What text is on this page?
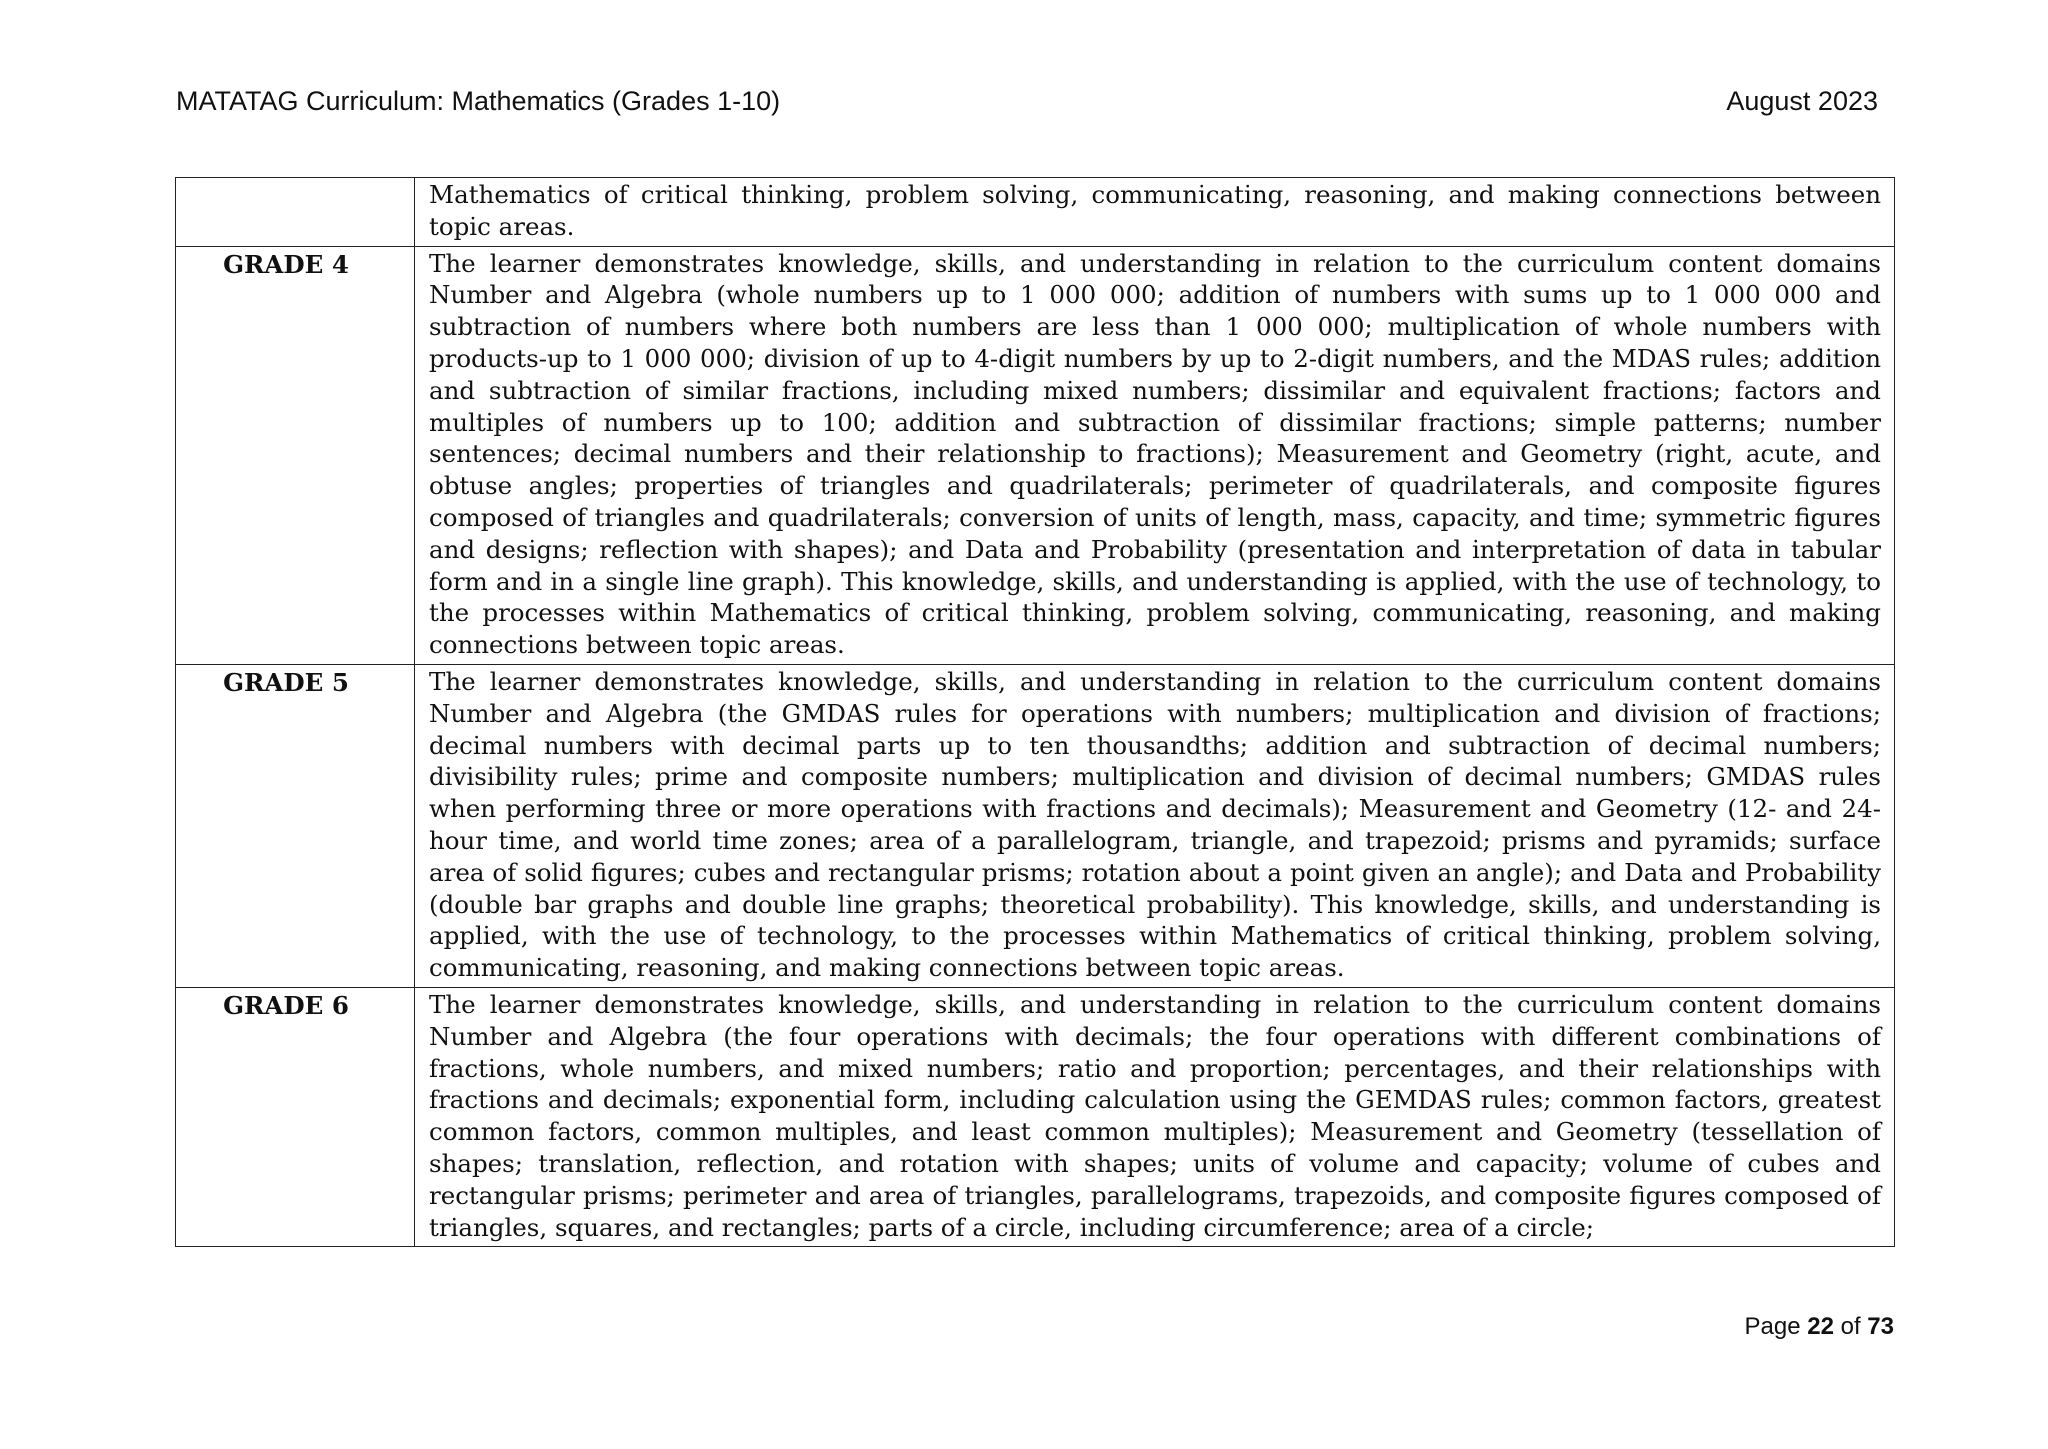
MATATAG Curriculum: Mathematics (Grades 1-10)	August 2023
	Mathematics of critical thinking, problem solving, communicating, reasoning, and making connections between topic areas.
GRADE 4	The learner demonstrates knowledge, skills, and understanding in relation to the curriculum content domains Number and Algebra (whole numbers up to 1 000 000; addition of numbers with sums up to 1 000 000 and subtraction of numbers where both numbers are less than 1 000 000; multiplication of whole numbers with products-up to 1 000 000; division of up to 4-digit numbers by up to 2-digit numbers, and the MDAS rules; addition and subtraction of similar fractions, including mixed numbers; dissimilar and equivalent fractions; factors and multiples of numbers up to 100; addition and subtraction of dissimilar fractions; simple patterns; number sentences; decimal numbers and their relationship to fractions); Measurement and Geometry (right, acute, and obtuse angles; properties of triangles and quadrilaterals; perimeter of quadrilaterals, and composite figures composed of triangles and quadrilaterals; conversion of units of length, mass, capacity, and time; symmetric figures and designs; reflection with shapes); and Data and Probability (presentation and interpretation of data in tabular form and in a single line graph). This knowledge, skills, and understanding is applied, with the use of technology, to the processes within Mathematics of critical thinking, problem solving, communicating, reasoning, and making connections between topic areas.
GRADE 5	The learner demonstrates knowledge, skills, and understanding in relation to the curriculum content domains Number and Algebra (the GMDAS rules for operations with numbers; multiplication and division of fractions; decimal numbers with decimal parts up to ten thousandths; addition and subtraction of decimal numbers; divisibility rules; prime and composite numbers; multiplication and division of decimal numbers; GMDAS rules when performing three or more operations with fractions and decimals); Measurement and Geometry (12- and 24-hour time, and world time zones; area of a parallelogram, triangle, and trapezoid; prisms and pyramids; surface area of solid figures; cubes and rectangular prisms; rotation about a point given an angle); and Data and Probability (double bar graphs and double line graphs; theoretical probability). This knowledge, skills, and understanding is applied, with the use of technology, to the processes within Mathematics of critical thinking, problem solving, communicating, reasoning, and making connections between topic areas.
GRADE 6	The learner demonstrates knowledge, skills, and understanding in relation to the curriculum content domains Number and Algebra (the four operations with decimals; the four operations with different combinations of fractions, whole numbers, and mixed numbers; ratio and proportion; percentages, and their relationships with fractions and decimals; exponential form, including calculation using the GEMDAS rules; common factors, greatest common factors, common multiples, and least common multiples); Measurement and Geometry (tessellation of shapes; translation, reflection, and rotation with shapes; units of volume and capacity; volume of cubes and rectangular prisms; perimeter and area of triangles, parallelograms, trapezoids, and composite figures composed of triangles, squares, and rectangles; parts of a circle, including circumference; area of a circle;
Page 22 of 73
